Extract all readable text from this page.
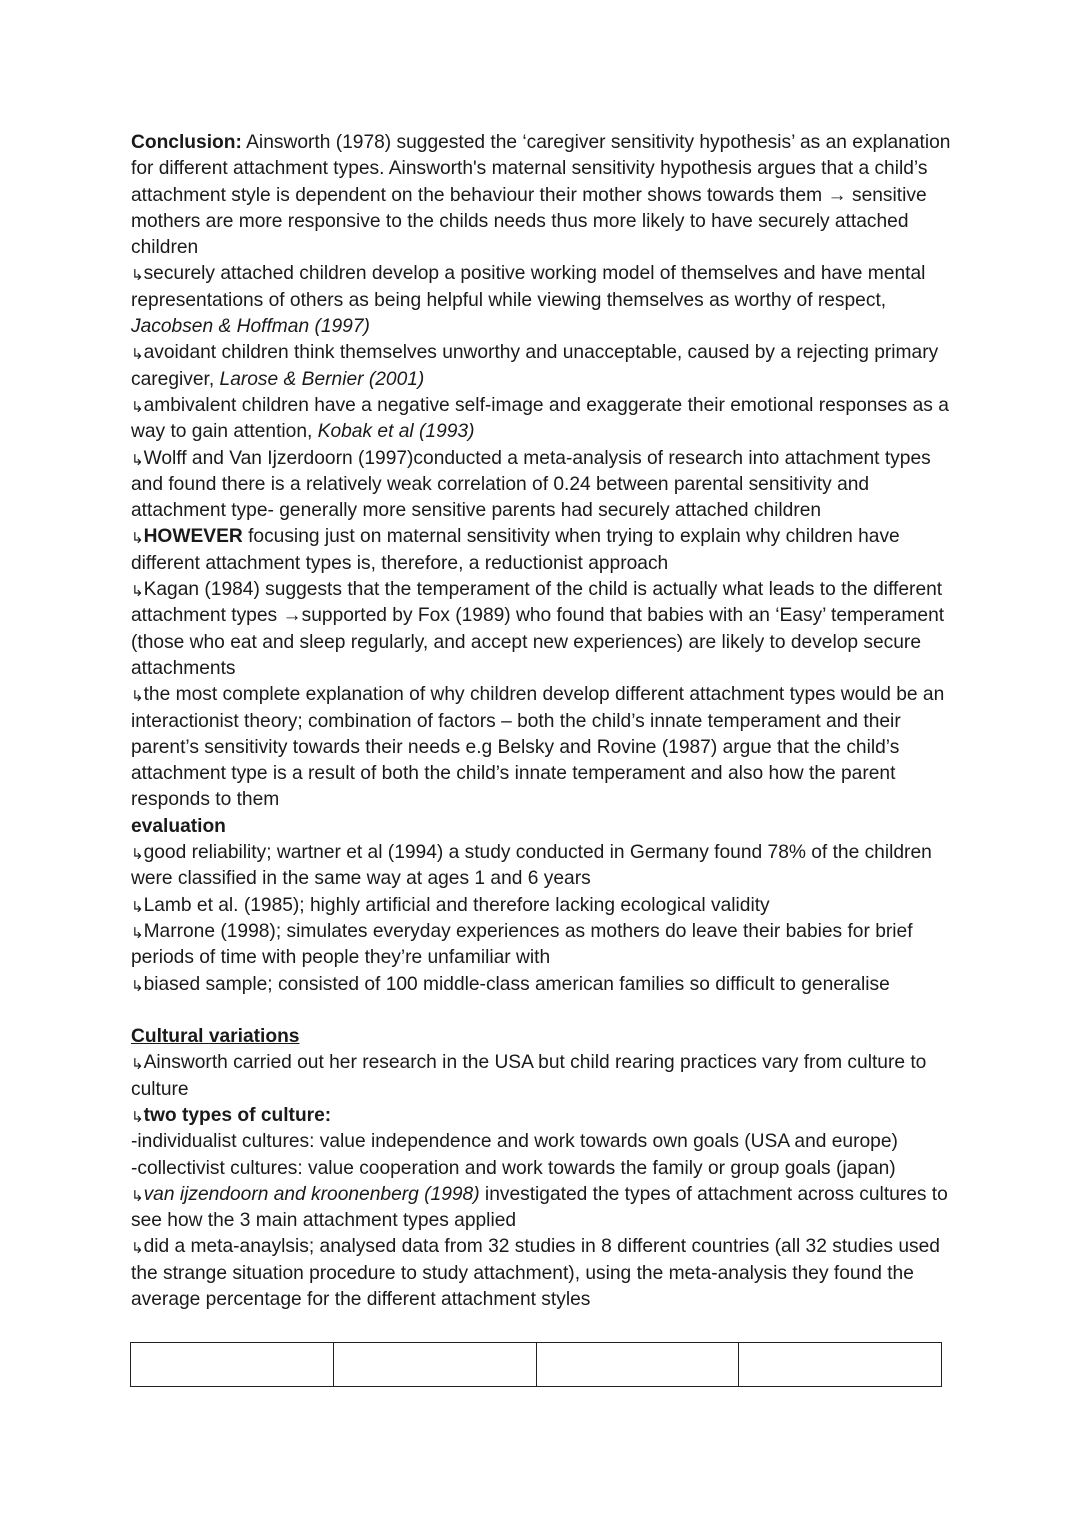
Conclusion: Ainsworth (1978) suggested the ‘caregiver sensitivity hypothesis’ as an explanation for different attachment types. Ainsworth's maternal sensitivity hypothesis argues that a child’s attachment style is dependent on the behaviour their mother shows towards them → sensitive mothers are more responsive to the childs needs thus more likely to have securely attached children

↳securely attached children develop a positive working model of themselves and have mental representations of others as being helpful while viewing themselves as worthy of respect, Jacobsen & Hoffman (1997)

↳avoidant children think themselves unworthy and unacceptable, caused by a rejecting primary caregiver, Larose & Bernier (2001)

↳ambivalent children have a negative self-image and exaggerate their emotional responses as a way to gain attention, Kobak et al (1993)

↳Wolff and Van Ijzerdoorn (1997)conducted a meta-analysis of research into attachment types and found there is a relatively weak correlation of 0.24 between parental sensitivity and attachment type- generally more sensitive parents had securely attached children

↳HOWEVER focusing just on maternal sensitivity when trying to explain why children have different attachment types is, therefore, a reductionist approach

↳Kagan (1984) suggests that the temperament of the child is actually what leads to the different attachment types →supported by Fox (1989) who found that babies with an ‘Easy’ temperament (those who eat and sleep regularly, and accept new experiences) are likely to develop secure attachments

↳the most complete explanation of why children develop different attachment types would be an interactionist theory; combination of factors – both the child’s innate temperament and their parent’s sensitivity towards their needs e.g Belsky and Rovine (1987) argue that the child’s attachment type is a result of both the child’s innate temperament and also how the parent responds to them

evaluation

↳good reliability; wartner et al (1994) a study conducted in Germany found 78% of the children were classified in the same way at ages 1 and 6 years

↳Lamb et al. (1985); highly artificial and therefore lacking ecological validity

↳Marrone (1998); simulates everyday experiences as mothers do leave their babies for brief periods of time with people they’re unfamiliar with

↳biased sample; consisted of 100 middle-class american families so difficult to generalise

Cultural variations

↳Ainsworth carried out her research in the USA but child rearing practices vary from culture to culture

↳two types of culture:

-individualist cultures: value independence and work towards own goals (USA and europe)

-collectivist cultures: value cooperation and work towards the family or group goals (japan)

↳van ijzendoorn and kroonenberg (1998) investigated the types of attachment across cultures to see how the 3 main attachment types applied

↳did a meta-anaylsis; analysed data from 32 studies in 8 different countries (all 32 studies used the strange situation procedure to study attachment), using the meta-analysis they found the average percentage for the different attachment styles
